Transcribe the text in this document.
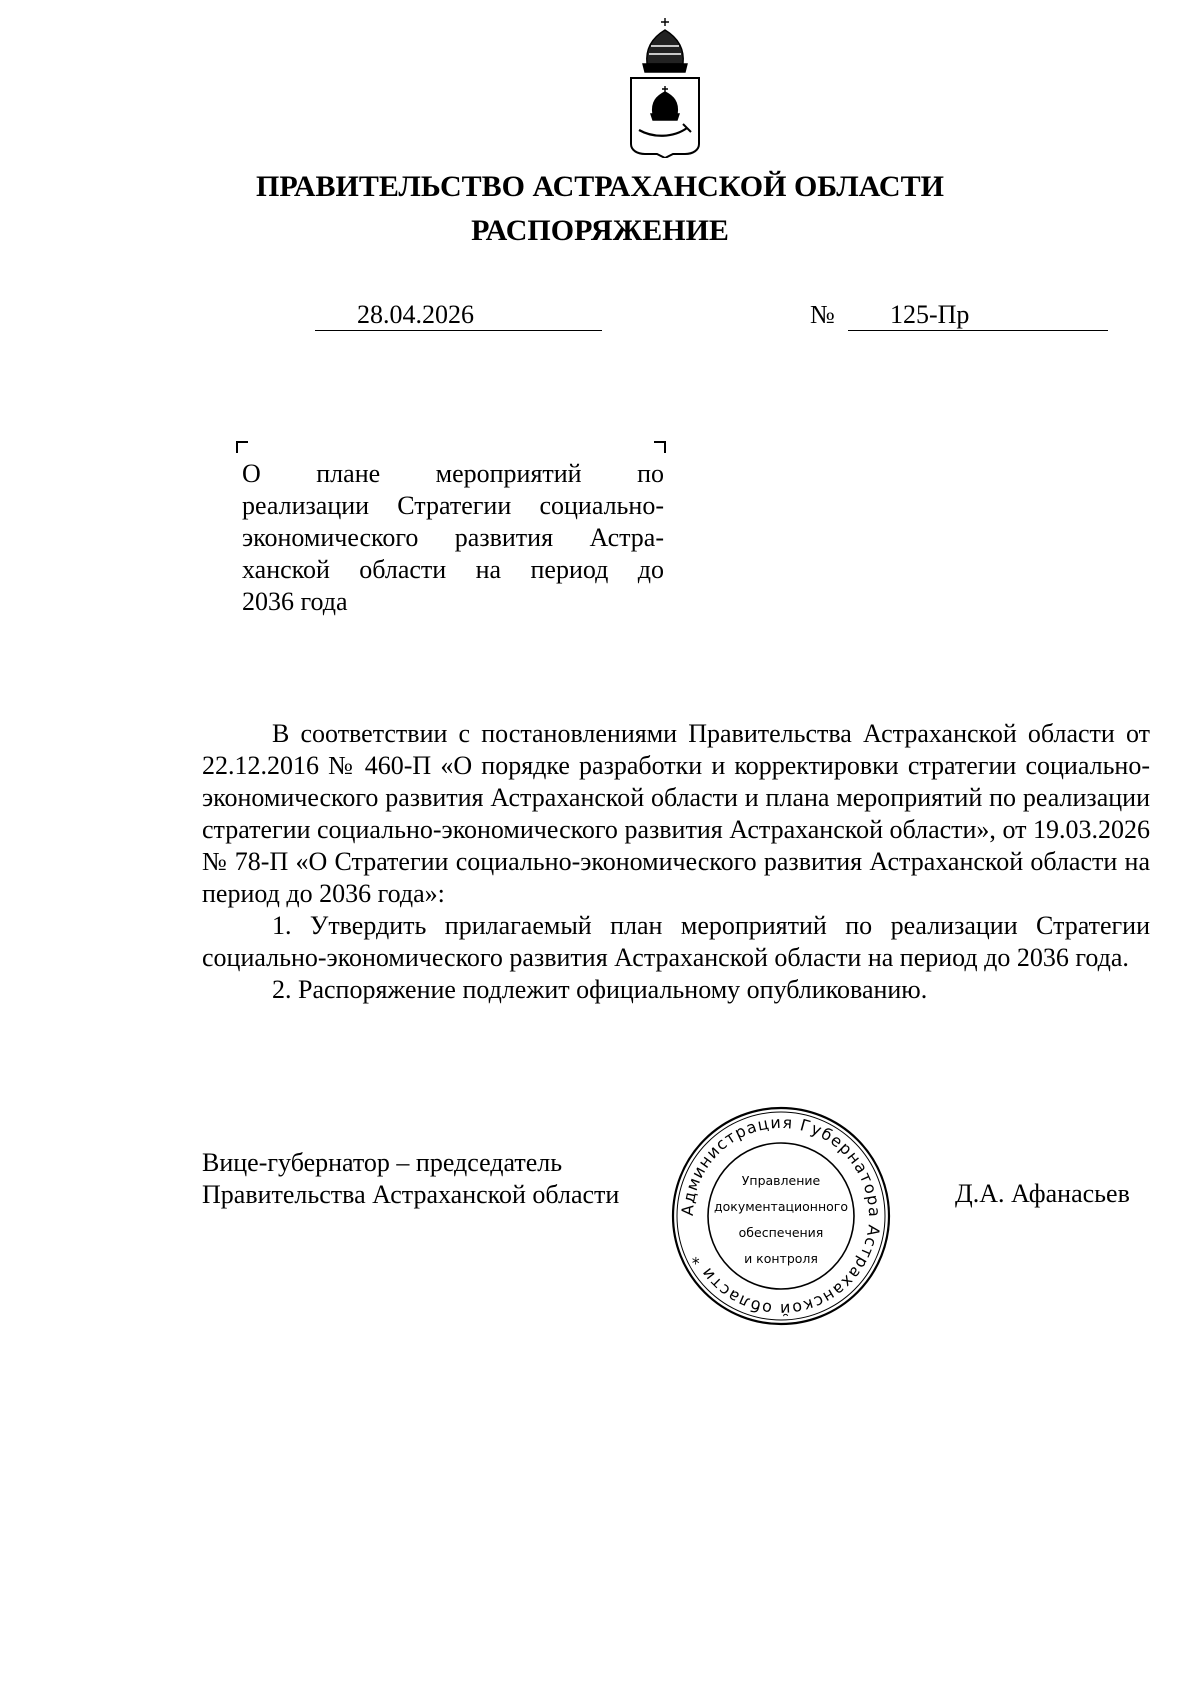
ПРАВИТЕЛЬСТВО АСТРАХАНСКОЙ ОБЛАСТИ
РАСПОРЯЖЕНИЕ
28.04.2026	№ 125-Пр
О плане мероприятий по
реализации Стратегии социально-
экономического развития Астра-
ханской области на период до
2036 года

В соответствии с постановлениями Правительства Астраханской области от 22.12.2016 № 460-П «О порядке разработки и корректировки стратегии социально-экономического развития Астраханской области и плана мероприятий по реализации стратегии социально-экономического развития Астраханской области», от 19.03.2026 № 78-П «О Стратегии социально-экономического развития Астраханской области на период до 2036 года»:

1. Утвердить прилагаемый план мероприятий по реализации Стратегии социально-экономического развития Астраханской области на период до 2036 года.

2. Распоряжение подлежит официальному опубликованию.

Вице-губернатор – председатель
Правительства Астраханской области	Д.А. Афанасьев
Администрация Губернатора Астраханской области *
Управление
документационного
обеспечения
и контроля
